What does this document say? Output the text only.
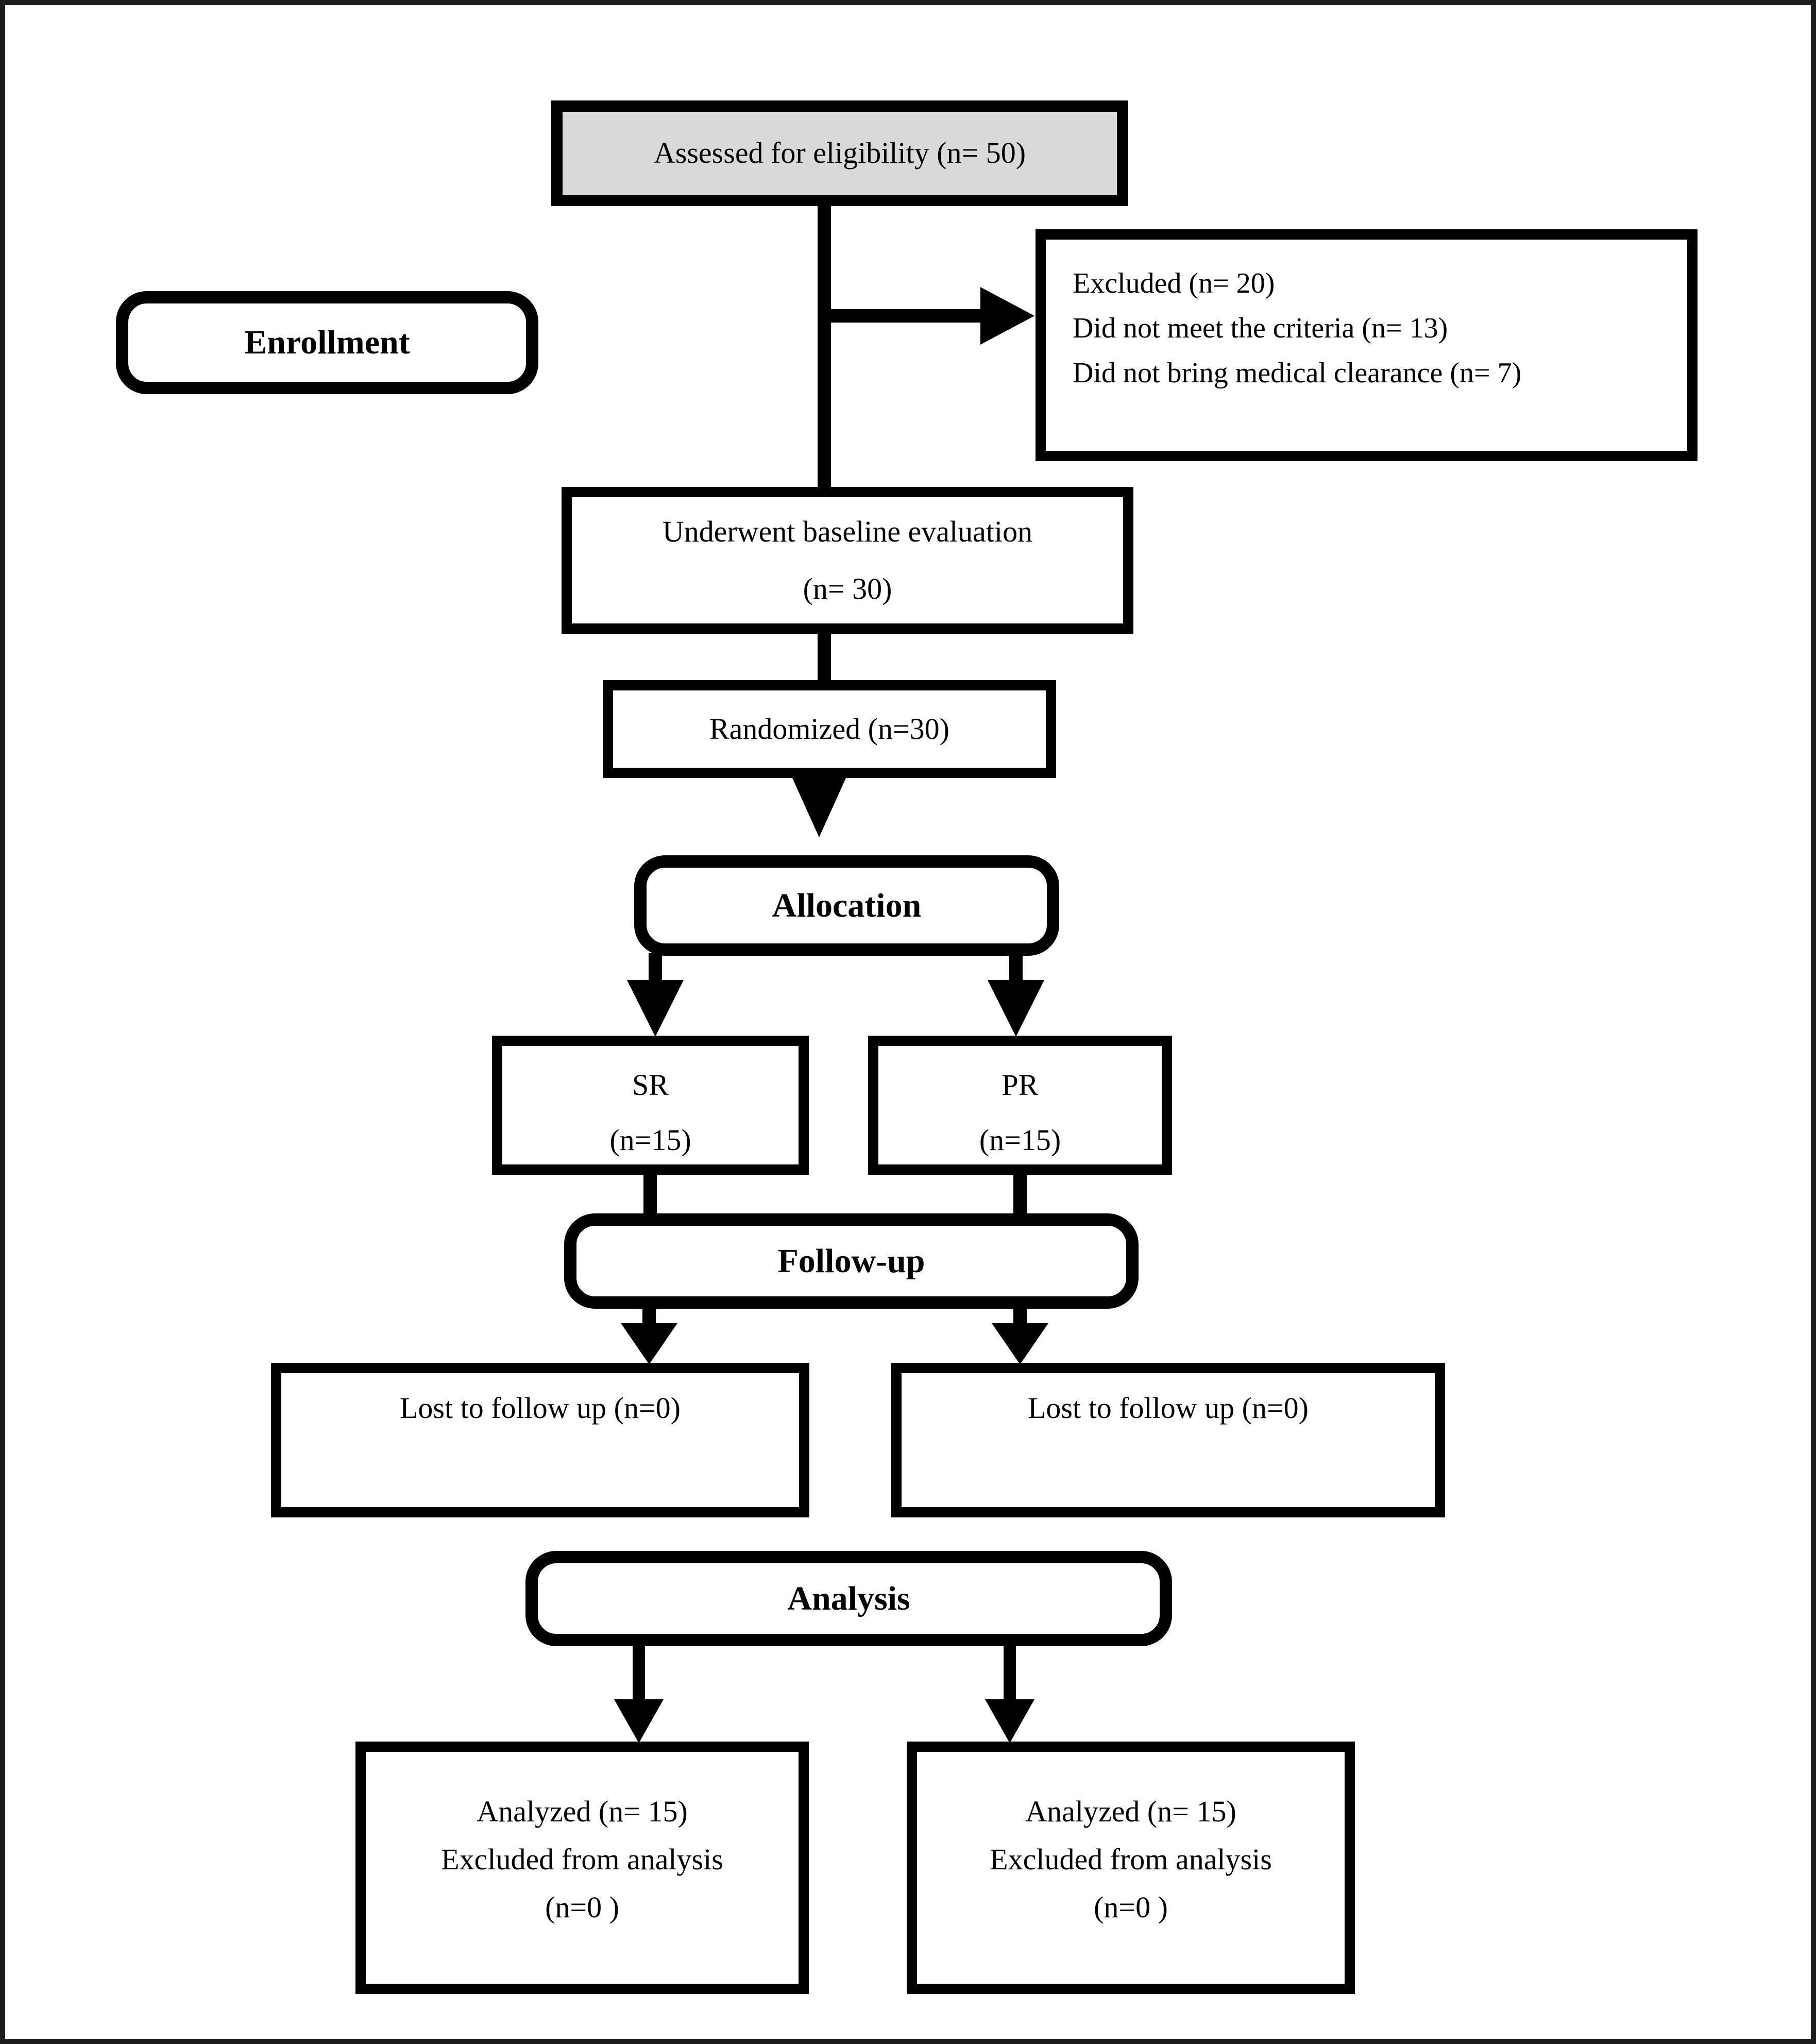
Assessed for eligibility (n= 50)
Enrollment
Excluded (n= 20)
Did not meet the criteria (n= 13)
Did not bring medical clearance (n= 7)
Underwent baseline evaluation
(n= 30)
Randomized (n=30)
Allocation
SR
(n=15)
PR
(n=15)
Follow-up
Lost to follow up (n=0)	Lost to follow up (n=0)
Analysis
Analyzed (n= 15)
Excluded from analysis
(n=0 )
Analyzed (n= 15)
Excluded from analysis
(n=0 )
